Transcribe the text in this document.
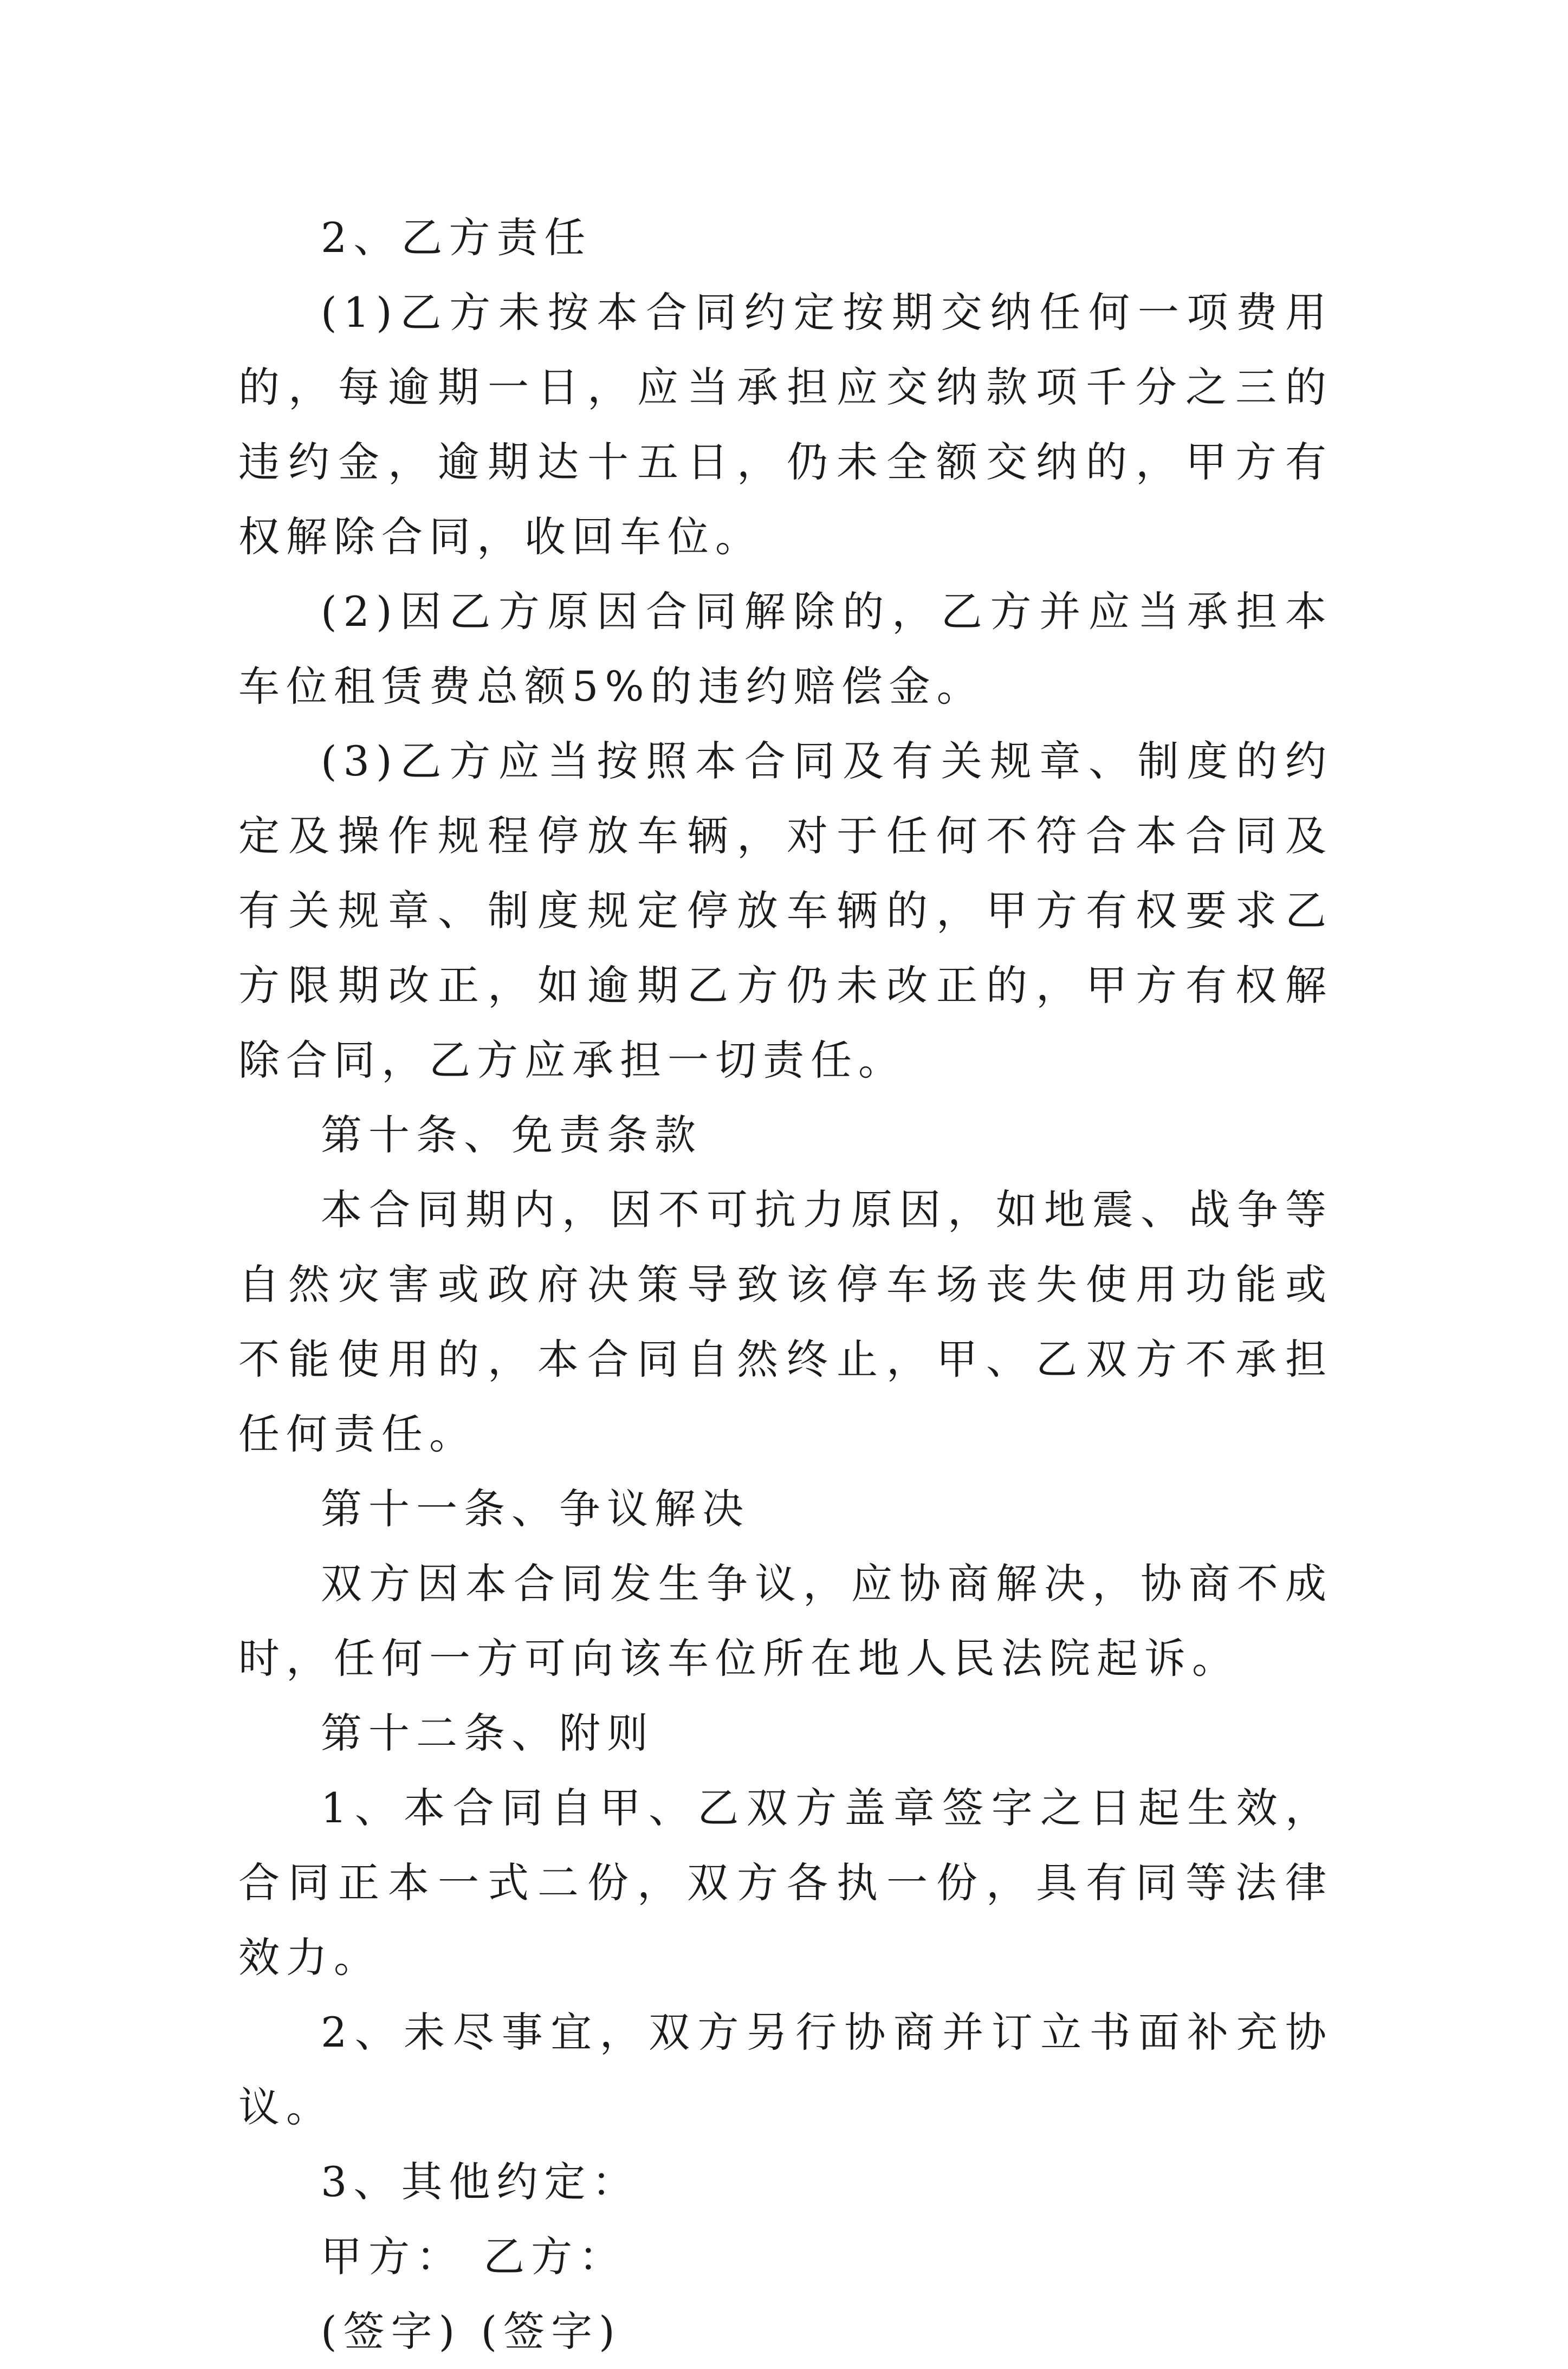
2、乙方责任

(1)乙方未按本合同约定按期交纳任何一项费用的，每逾期一日，应当承担应交纳款项千分之三的违约金，逾期达十五日，仍未全额交纳的，甲方有权解除合同，收回车位。

(2)因乙方原因合同解除的，乙方并应当承担本车位租赁费总额5%的违约赔偿金。

(3)乙方应当按照本合同及有关规章、制度的约定及操作规程停放车辆，对于任何不符合本合同及有关规章、制度规定停放车辆的，甲方有权要求乙方限期改正，如逾期乙方仍未改正的，甲方有权解除合同，乙方应承担一切责任。

第十条、免责条款

本合同期内，因不可抗力原因，如地震、战争等自然灾害或政府决策导致该停车场丧失使用功能或不能使用的，本合同自然终止，甲、乙双方不承担任何责任。

第十一条、争议解决

双方因本合同发生争议，应协商解决，协商不成时，任何一方可向该车位所在地人民法院起诉。

第十二条、附则

1、本合同自甲、乙双方盖章签字之日起生效，合同正本一式二份，双方各执一份，具有同等法律效力。

2、未尽事宜，双方另行协商并订立书面补充协议。

3、其他约定：

甲方： 乙方：

(签字) (签字)
